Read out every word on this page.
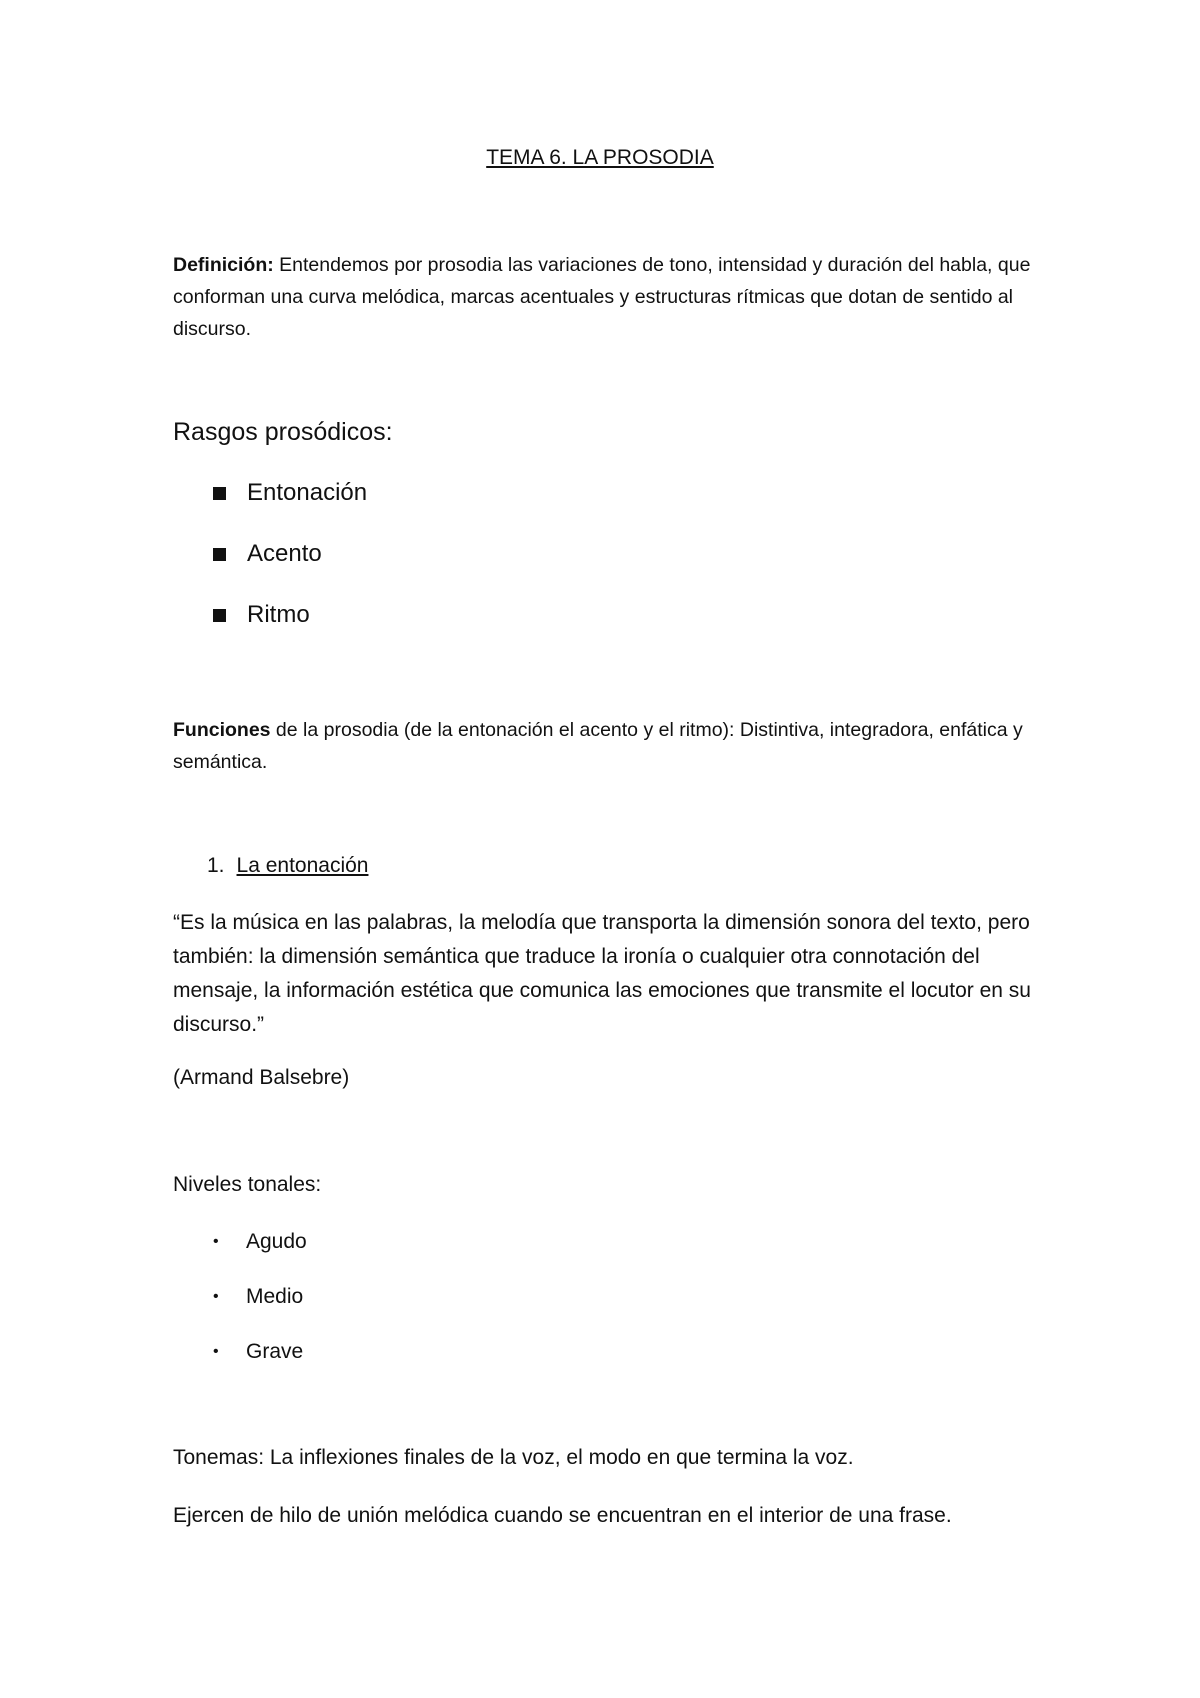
TEMA 6. LA PROSODIA
Definición: Entendemos por prosodia las variaciones de tono, intensidad y duración del habla, que conforman una curva melódica, marcas acentuales y estructuras rítmicas que dotan de sentido al discurso.
Rasgos prosódicos:
Entonación
Acento
Ritmo
Funciones de la prosodia (de la entonación el acento y el ritmo): Distintiva, integradora, enfática y semántica.
1. La entonación
“Es la música en las palabras, la melodía que transporta la dimensión sonora del texto, pero también: la dimensión semántica que traduce la ironía o cualquier otra connotación del mensaje, la información estética que comunica las emociones que transmite el locutor en su discurso.”
(Armand Balsebre)
Niveles tonales:
•	Agudo
•	Medio
•	Grave
Tonemas: La inflexiones finales de la voz, el modo en que termina la voz.
Ejercen de hilo de unión melódica cuando se encuentran en el interior de una frase.
